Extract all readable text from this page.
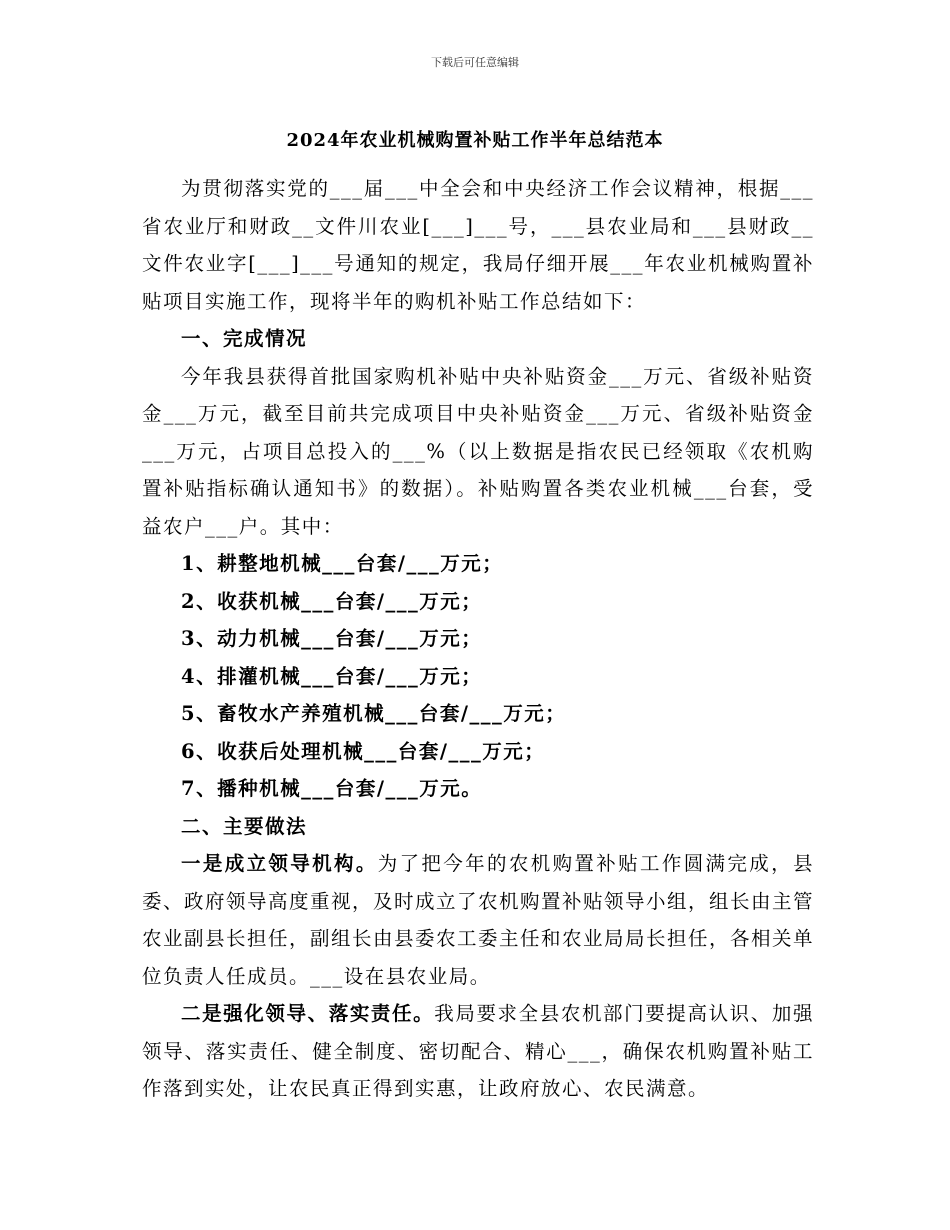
下载后可任意编辑
2024年农业机械购置补贴工作半年总结范本

为贯彻落实党的___届___中全会和中央经济工作会议精神，根据___省农业厅和财政__文件川农业[___]___号，___县农业局和___县财政__文件农业字[___]___号通知的规定，我局仔细开展___年农业机械购置补贴项目实施工作，现将半年的购机补贴工作总结如下：

一、完成情况

今年我县获得首批国家购机补贴中央补贴资金___万元、省级补贴资金___万元，截至目前共完成项目中央补贴资金___万元、省级补贴资金___万元，占项目总投入的___%（以上数据是指农民已经领取《农机购置补贴指标确认通知书》的数据）。补贴购置各类农业机械___台套，受益农户___户。其中：

1、耕整地机械___台套/___万元；

2、收获机械___台套/___万元；

3、动力机械___台套/___万元；

4、排灌机械___台套/___万元；

5、畜牧水产养殖机械___台套/___万元；

6、收获后处理机械___台套/___万元；

7、播种机械___台套/___万元。

二、主要做法

一是成立领导机构。为了把今年的农机购置补贴工作圆满完成，县委、政府领导高度重视，及时成立了农机购置补贴领导小组，组长由主管农业副县长担任，副组长由县委农工委主任和农业局局长担任，各相关单位负责人任成员。___设在县农业局。

二是强化领导、落实责任。我局要求全县农机部门要提高认识、加强领导、落实责任、健全制度、密切配合、精心___，确保农机购置补贴工作落到实处，让农民真正得到实惠，让政府放心、农民满意。
